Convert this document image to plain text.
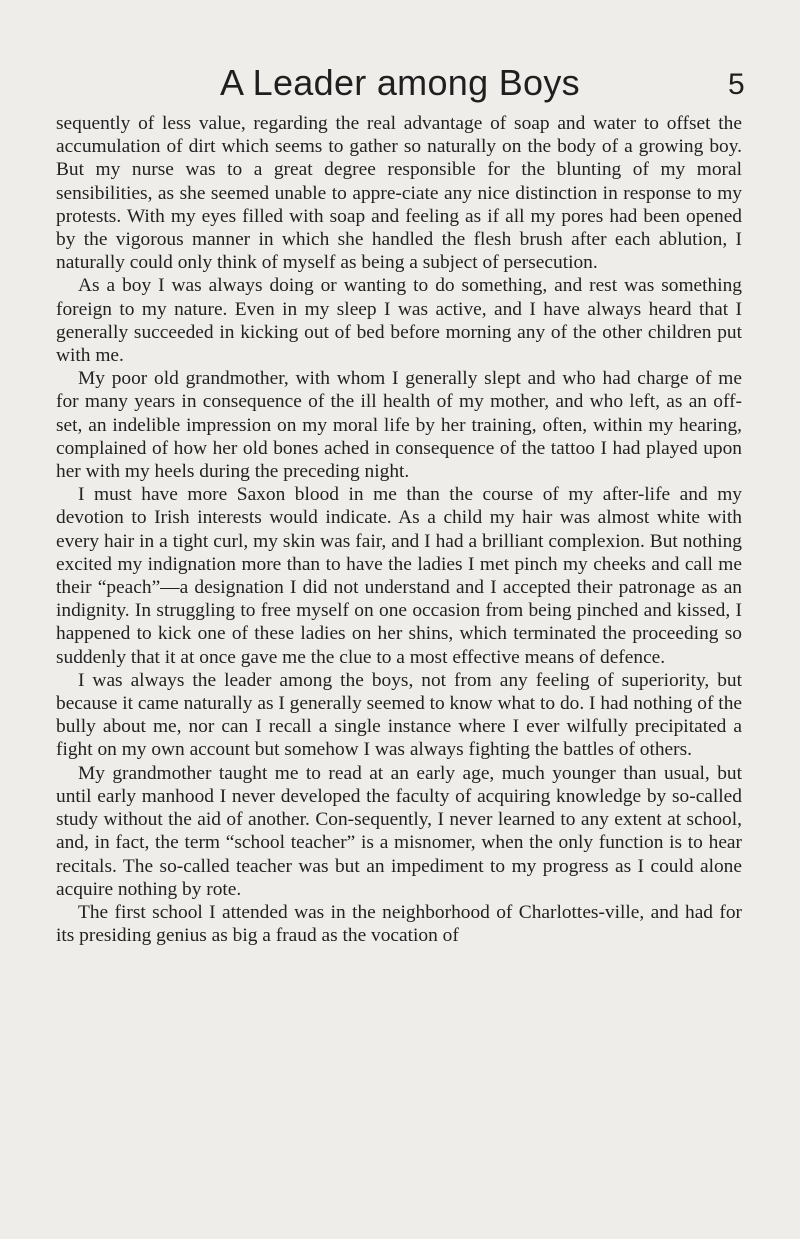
A Leader among Boys	5

sequently of less value, regarding the real advantage of soap and water to offset the accumulation of dirt which seems to gather so naturally on the body of a growing boy. But my nurse was to a great degree responsible for the blunting of my moral sensibilities, as she seemed unable to appre-ciate any nice distinction in response to my protests. With my eyes filled with soap and feeling as if all my pores had been opened by the vigorous manner in which she handled the flesh brush after each ablution, I naturally could only think of myself as being a subject of persecution.

As a boy I was always doing or wanting to do something, and rest was something foreign to my nature. Even in my sleep I was active, and I have always heard that I generally succeeded in kicking out of bed before morning any of the other children put with me.

My poor old grandmother, with whom I generally slept and who had charge of me for many years in consequence of the ill health of my mother, and who left, as an off-set, an indelible impression on my moral life by her training, often, within my hearing, complained of how her old bones ached in consequence of the tattoo I had played upon her with my heels during the preceding night.

I must have more Saxon blood in me than the course of my after-life and my devotion to Irish interests would indicate. As a child my hair was almost white with every hair in a tight curl, my skin was fair, and I had a brilliant complexion. But nothing excited my indignation more than to have the ladies I met pinch my cheeks and call me their “peach”—a designation I did not understand and I accepted their patronage as an indignity. In struggling to free myself on one occasion from being pinched and kissed, I happened to kick one of these ladies on her shins, which terminated the proceeding so suddenly that it at once gave me the clue to a most effective means of defence.

I was always the leader among the boys, not from any feeling of superiority, but because it came naturally as I generally seemed to know what to do. I had nothing of the bully about me, nor can I recall a single instance where I ever wilfully precipitated a fight on my own account but somehow I was always fighting the battles of others.

My grandmother taught me to read at an early age, much younger than usual, but until early manhood I never developed the faculty of acquiring knowledge by so-called study without the aid of another. Con-sequently, I never learned to any extent at school, and, in fact, the term “school teacher” is a misnomer, when the only function is to hear recitals. The so-called teacher was but an impediment to my progress as I could alone acquire nothing by rote.

The first school I attended was in the neighborhood of Charlottes-ville, and had for its presiding genius as big a fraud as the vocation of
